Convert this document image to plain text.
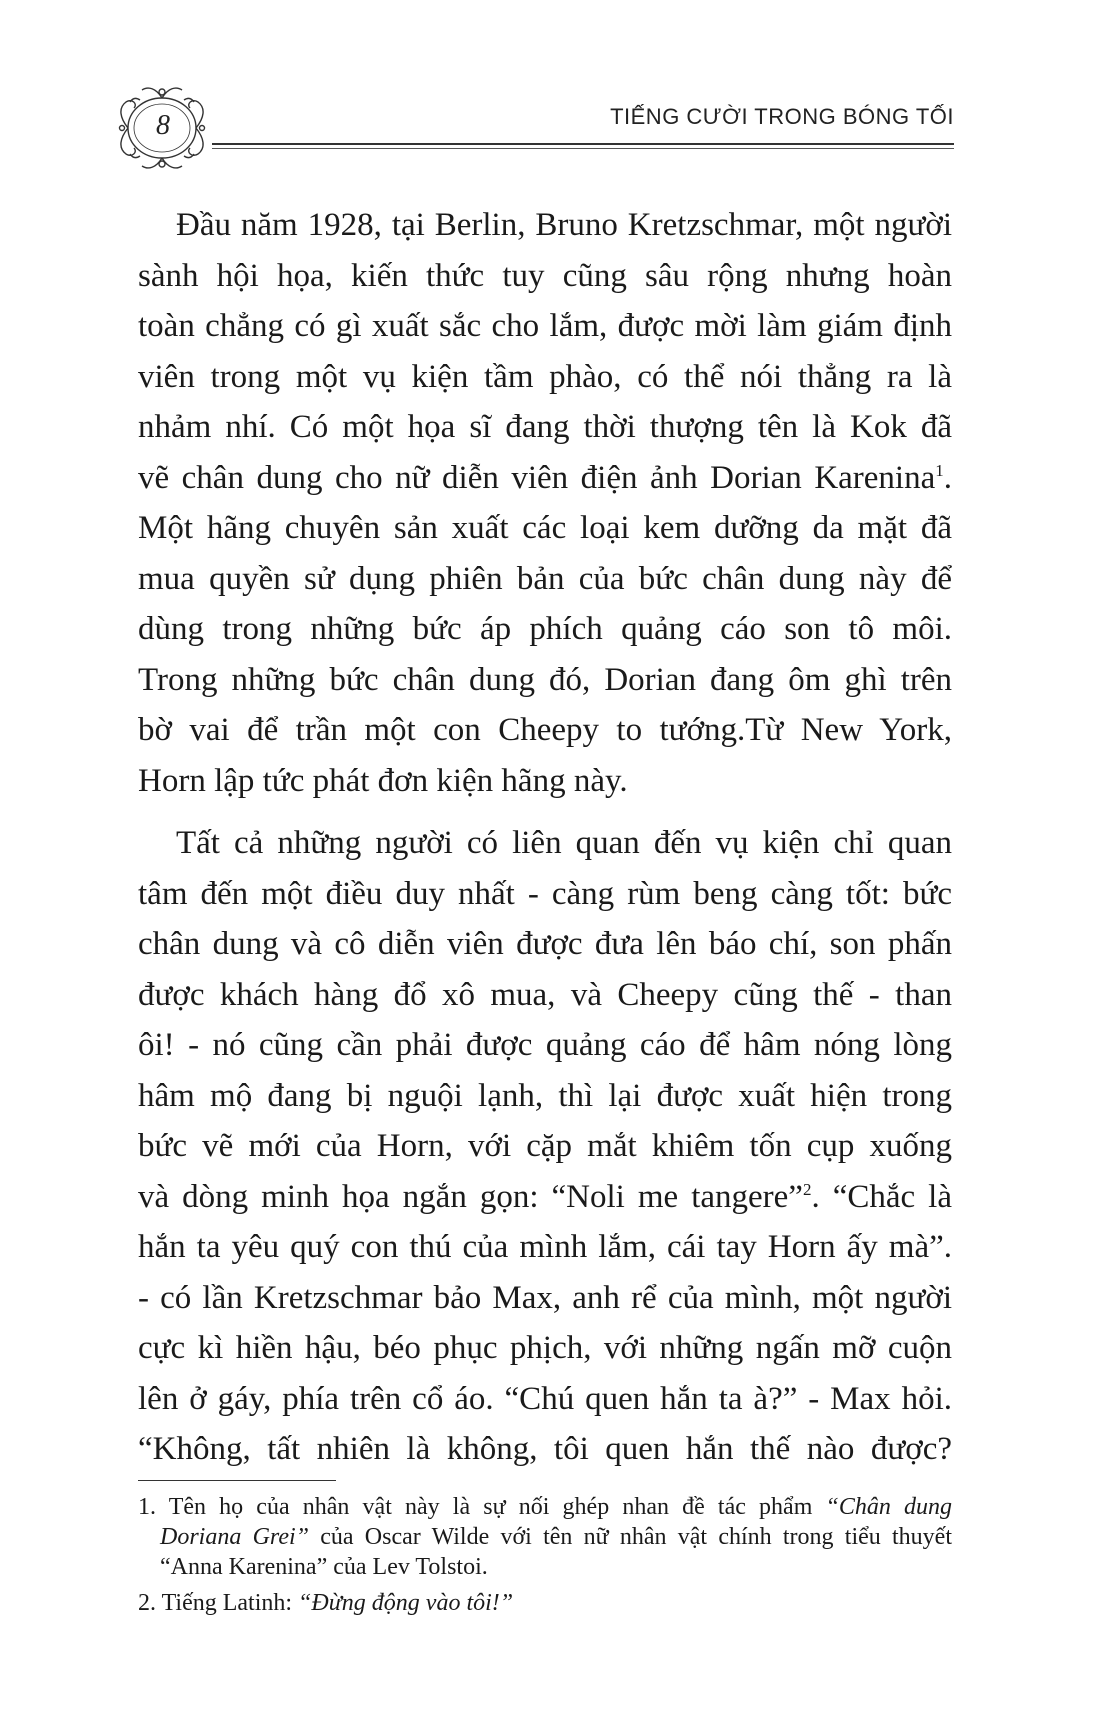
8	TIẾNG CƯỜI TRONG BÓNG TỐI

Đầu năm 1928, tại Berlin, Bruno Kretzschmar, một người
sành hội họa, kiến thức tuy cũng sâu rộng nhưng hoàn
toàn chẳng có gì xuất sắc cho lắm, được mời làm giám định
viên trong một vụ kiện tầm phào, có thể nói thẳng ra là
nhảm nhí. Có một họa sĩ đang thời thượng tên là Kok đã
vẽ chân dung cho nữ diễn viên điện ảnh Dorian Karenina$^1$.
Một hãng chuyên sản xuất các loại kem dưỡng da mặt đã
mua quyền sử dụng phiên bản của bức chân dung này để
dùng trong những bức áp phích quảng cáo son tô môi.
Trong những bức chân dung đó, Dorian đang ôm ghì trên
bờ vai để trần một con Cheepy to tướng.Từ New York,
Horn lập tức phát đơn kiện hãng này.

Tất cả những người có liên quan đến vụ kiện chỉ quan
tâm đến một điều duy nhất - càng rùm beng càng tốt: bức
chân dung và cô diễn viên được đưa lên báo chí, son phấn
được khách hàng đổ xô mua, và Cheepy cũng thế - than
ôi! - nó cũng cần phải được quảng cáo để hâm nóng lòng
hâm mộ đang bị nguội lạnh, thì lại được xuất hiện trong
bức vẽ mới của Horn, với cặp mắt khiêm tốn cụp xuống
và dòng minh họa ngắn gọn: “Noli me tangere”$^2$. “Chắc là
hắn ta yêu quý con thú của mình lắm, cái tay Horn ấy mà”.
- có lần Kretzschmar bảo Max, anh rể của mình, một người
cực kì hiền hậu, béo phục phịch, với những ngấn mỡ cuộn
lên ở gáy, phía trên cổ áo. “Chú quen hắn ta à?” - Max hỏi.
“Không, tất nhiên là không, tôi quen hắn thế nào được?

1. Tên họ của nhân vật này là sự nối ghép nhan đề tác phẩm “Chân dung
Doriana Grei” của Oscar Wilde với tên nữ nhân vật chính trong tiểu thuyết
“Anna Karenina” của Lev Tolstoi.
2. Tiếng Latinh: “Đừng động vào tôi!”
